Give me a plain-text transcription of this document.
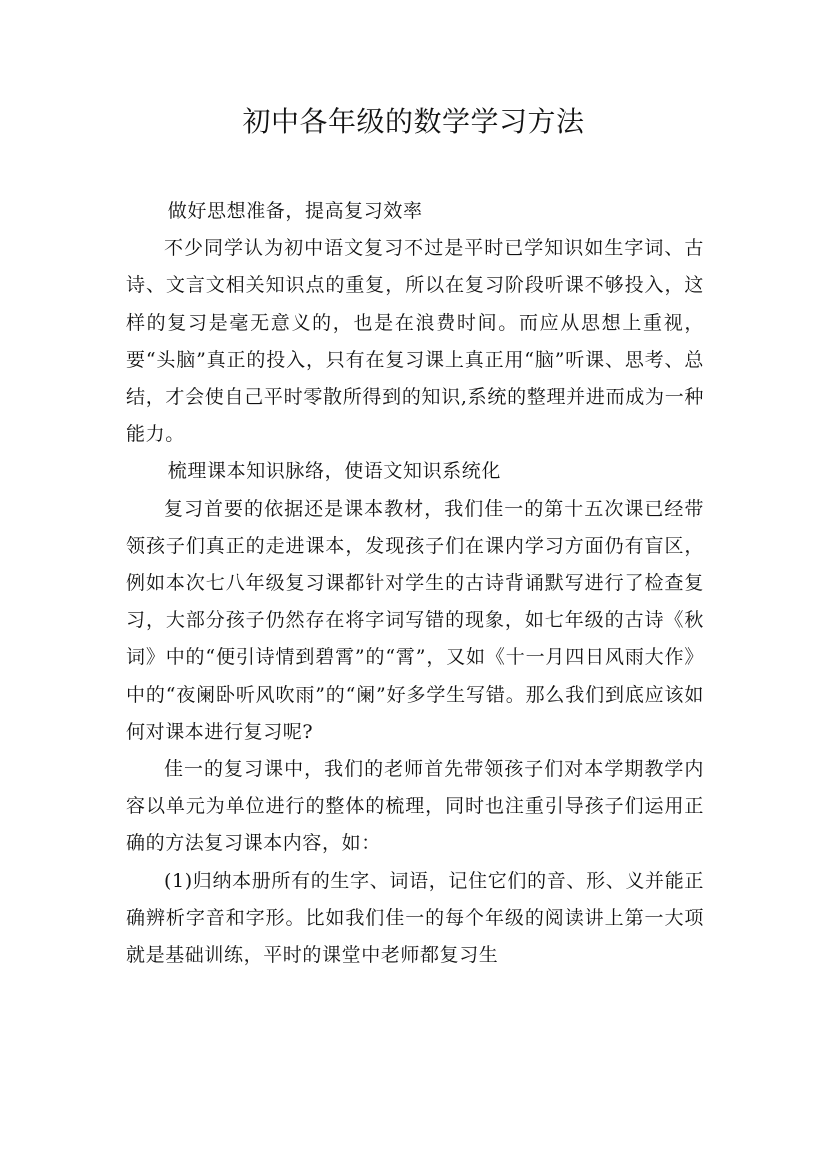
初中各年级的数学学习方法

做好思想准备，提高复习效率

不少同学认为初中语文复习不过是平时已学知识如生字词、古诗、文言文相关知识点的重复，所以在复习阶段听课不够投入，这样的复习是毫无意义的，也是在浪费时间。而应从思想上重视，要“头脑”真正的投入，只有在复习课上真正用“脑”听课、思考、总结，才会使自己平时零散所得到的知识,系统的整理并进而成为一种能力。

梳理课本知识脉络，使语文知识系统化

复习首要的依据还是课本教材，我们佳一的第十五次课已经带领孩子们真正的走进课本，发现孩子们在课内学习方面仍有盲区，例如本次七八年级复习课都针对学生的古诗背诵默写进行了检查复习，大部分孩子仍然存在将字词写错的现象，如七年级的古诗《秋词》中的“便引诗情到碧霄”的“霄”，又如《十一月四日风雨大作》中的“夜阑卧听风吹雨”的“阑”好多学生写错。那么我们到底应该如何对课本进行复习呢?

佳一的复习课中，我们的老师首先带领孩子们对本学期教学内容以单元为单位进行的整体的梳理，同时也注重引导孩子们运用正确的方法复习课本内容，如：

(1)归纳本册所有的生字、词语，记住它们的音、形、义并能正确辨析字音和字形。比如我们佳一的每个年级的阅读讲上第一大项就是基础训练，平时的课堂中老师都复习生
